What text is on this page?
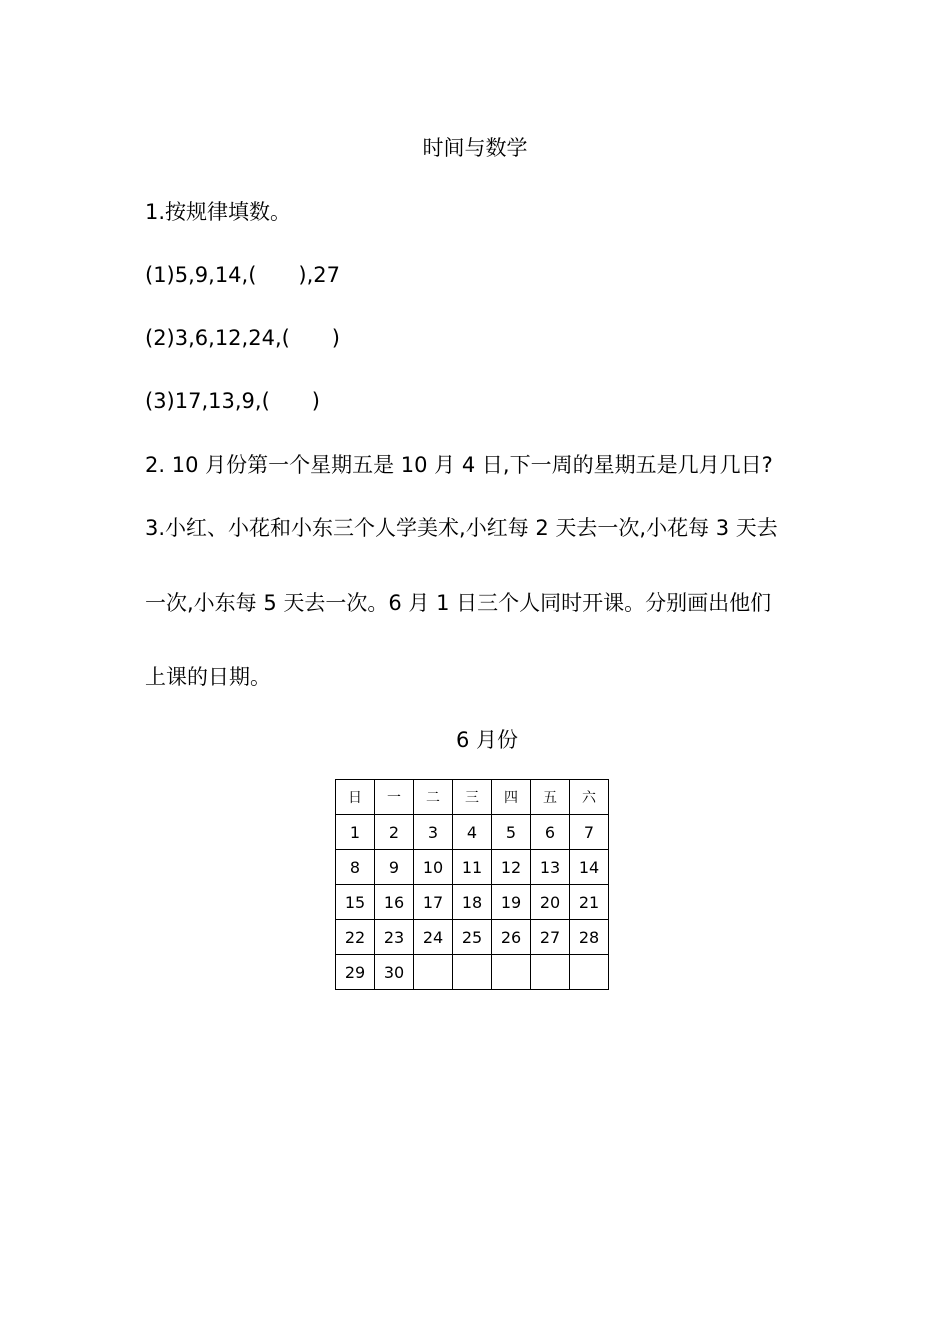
时间与数学
1.按规律填数。
(1)5,9,14,(　　),27
(2)3,6,12,24,(　　)
(3)17,13,9,(　　)
2. 10 月份第一个星期五是 10 月 4 日,下一周的星期五是几月几日?
3.小红、小花和小东三个人学美术,小红每 2 天去一次,小花每 3 天去
一次,小东每 5 天去一次。6 月 1 日三个人同时开课。分别画出他们
上课的日期。
6 月份
日	一	二	三	四	五	六
1	2	3	4	5	6	7
8	9	10	11	12	13	14
15	16	17	18	19	20	21
22	23	24	25	26	27	28
29	30					
